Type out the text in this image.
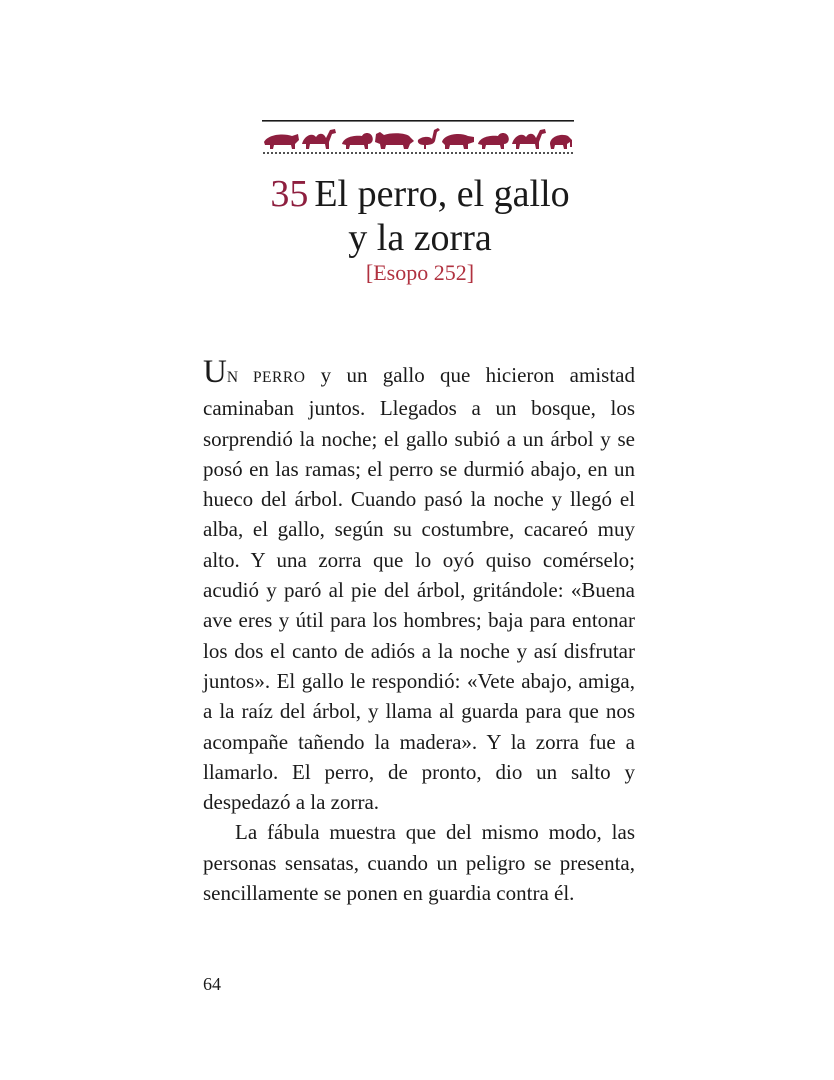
35 El perro, el gallo
y la zorra
[Esopo 252]

UN PERRO y un gallo que hicieron amistad caminaban juntos. Llegados a un bosque, los sorprendió la noche; el gallo subió a un árbol y se posó en las ramas; el perro se durmió abajo, en un hueco del árbol. Cuando pasó la noche y llegó el alba, el gallo, según su costumbre, cacareó muy alto. Y una zorra que lo oyó quiso comérselo; acudió y paró al pie del árbol, gritándole: «Buena ave eres y útil para los hombres; baja para entonar los dos el canto de adiós a la noche y así disfrutar juntos». El gallo le respondió: «Vete abajo, amiga, a la raíz del árbol, y llama al guarda para que nos acompañe tañendo la madera». Y la zorra fue a llamarlo. El perro, de pronto, dio un salto y despedazó a la zorra.

La fábula muestra que del mismo modo, las personas sensatas, cuando un peligro se presenta, sencillamente se ponen en guardia contra él.

64
